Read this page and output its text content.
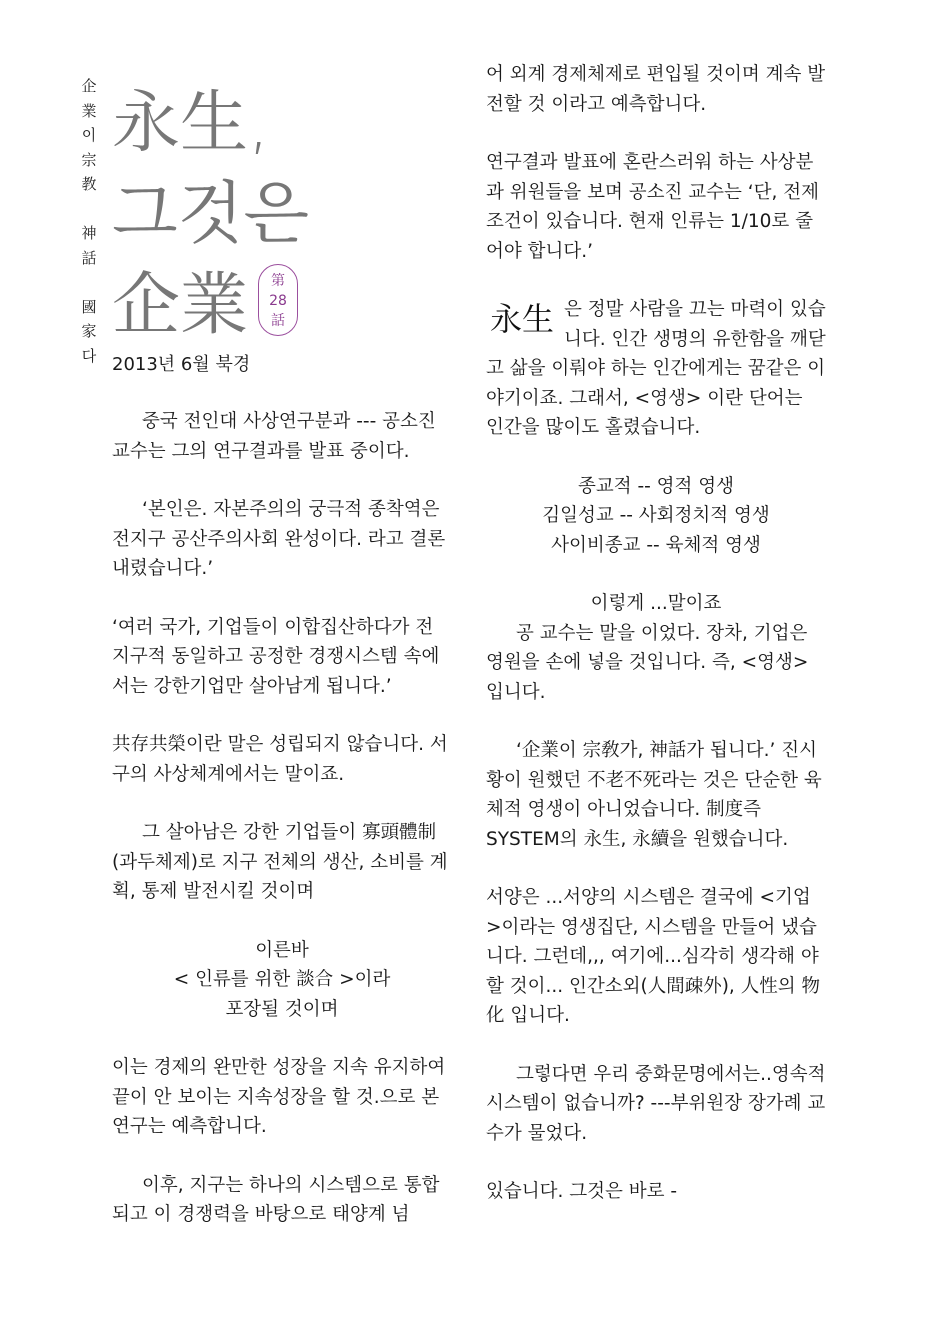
企
業
이
宗
教
神
話
國
家
다
永生,
그것은
企業	第
28
話
2013년 6월 북경

중국 전인대 사상연구분과 --- 공소진 교수는 그의 연구결과를 발표 중이다.

‘본인은. 자본주의의 궁극적 종착역은 전지구 공산주의사회 완성이다. 라고 결론 내렸습니다.’

‘여러 국가, 기업들이 이합집산하다가 전 지구적 동일하고 공정한 경쟁시스템 속에서는 강한기업만 살아남게 됩니다.’

共存共榮이란 말은 성립되지 않습니다. 서구의 사상체계에서는 말이죠.

그 살아남은 강한 기업들이 寡頭體制(과두체제)로 지구 전체의 생산, 소비를 계획, 통제 발전시킬 것이며

이른바

< 인류를 위한 談合 >이라

포장될 것이며

이는 경제의 완만한 성장을 지속 유지하여 끝이 안 보이는 지속성장을 할 것.으로 본 연구는 예측합니다.

이후, 지구는 하나의 시스템으로 통합되고 이 경쟁력을 바탕으로 태양계 넘

어 외계 경제체제로 편입될 것이며 계속 발전할 것 이라고 예측합니다.

연구결과 발표에 혼란스러워 하는 사상분과 위원들을 보며 공소진 교수는 ‘단, 전제조건이 있습니다. 현재 인류는 1/10로 줄어야 합니다.’

永生 은 정말 사람을 끄는 마력이 있습니다. 인간 생명의 유한함을 깨닫고 삶을 이뤄야 하는 인간에게는 꿈같은 이야기이죠. 그래서, <영생> 이란 단어는 인간을 많이도 홀렸습니다.

종교적 -- 영적 영생

김일성교 -- 사회정치적 영생

사이비종교 -- 육체적 영생

이렇게 ...말이죠

공 교수는 말을 이었다. 장차, 기업은 영원을 손에 넣을 것입니다. 즉, <영생> 입니다.

‘企業이 宗敎가, 神話가 됩니다.’ 진시황이 원했던 不老不死라는 것은 단순한 육체적 영생이 아니었습니다. 制度즉 SYSTEM의 永生, 永續을 원했습니다.

서양은 ...서양의 시스템은 결국에 <기업>이라는 영생집단, 시스템을 만들어 냈습니다. 그런데,,, 여기에...심각히 생각해 야 할 것이... 인간소외(人間疎外), 人性의 物化 입니다.

그렇다면 우리 중화문명에서는..영속적 시스템이 없습니까? ---부위원장 장가례 교수가 물었다.

있습니다. 그것은 바로 -
